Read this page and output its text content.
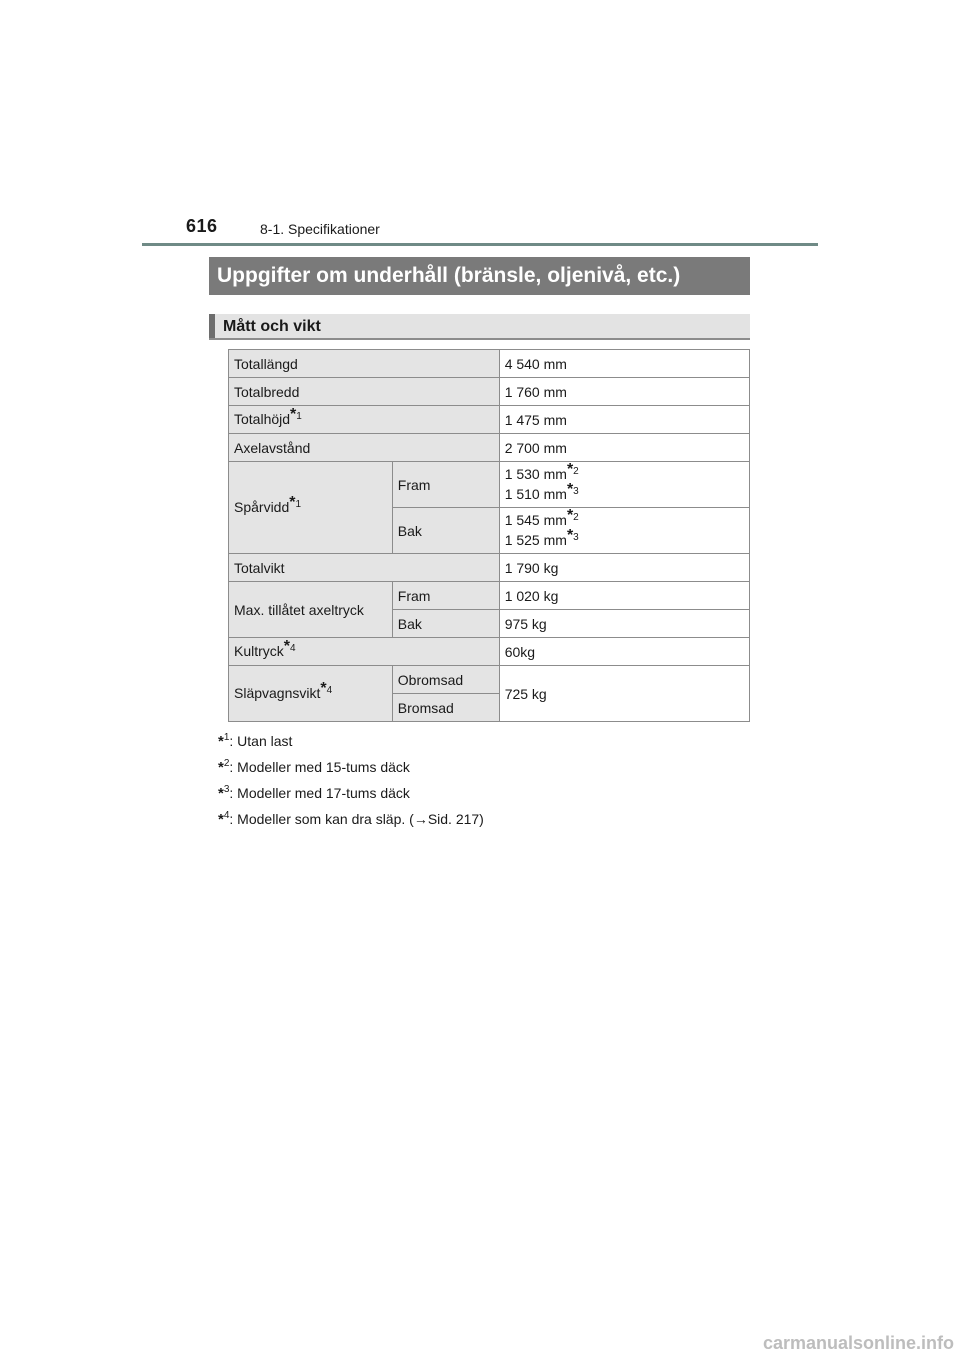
616	8-1. Specifikationer
Uppgifter om underhåll (bränsle, oljenivå, etc.)
Mått och vikt
Totallängd		4 540 mm
Totalbredd		1 760 mm
Totalhöjd$^{*1}$		1 475 mm
Axelavstånd		2 700 mm
Spårvidd$^{*1}$	Fram	1 530 $mm^{*2}$
1 510 $mm^{*3}$

	Bak	1 545 $mm^{*2}$
1 525 $mm^{*3}$

Totalvikt		1 790 kg
Max. tillåtet axeltryck	Fram	1 020 kg
	Bak	975 kg
Kultryck$^{*4}$		60kg
Släpvagnsvikt$^{*4}$	Obromsad	725 kg
	Bromsad	
*$^1$: Utan last
*$^2$: Modeller med 15-tums däck
*$^3$: Modeller med 17-tums däck
*$^4$: Modeller som kan dra släp. (→Sid. 217)
carmanualsonline.info
